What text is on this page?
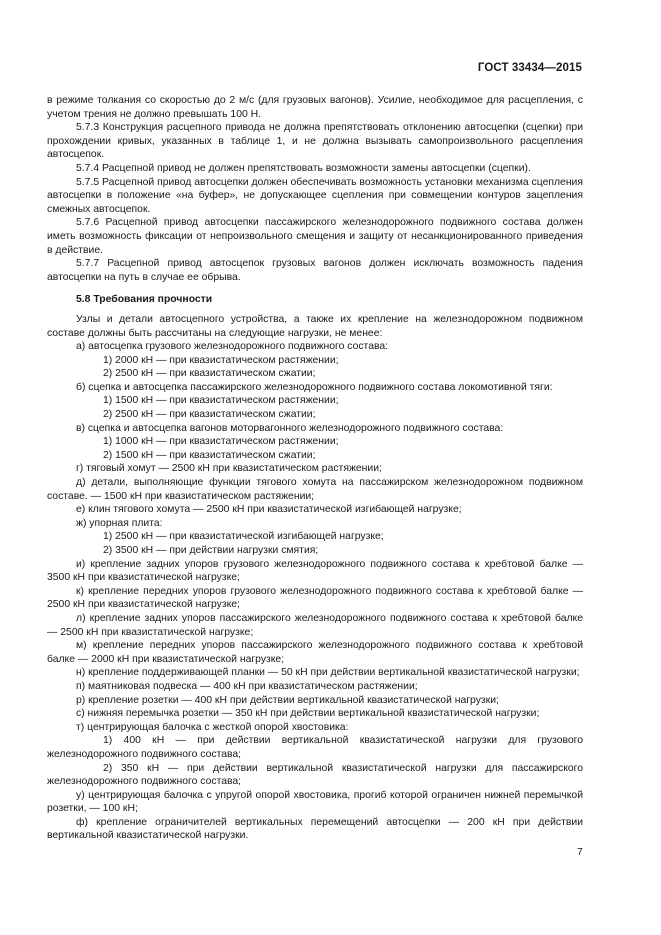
ГОСТ 33434—2015

в режиме толкания со скоростью до 2 м/с (для грузовых вагонов). Усилие, необходимое для расцепления, с учетом трения не должно превышать 100 Н.

5.7.3 Конструкция расцепного привода не должна препятствовать отклонению автосцепки (сцепки) при прохождении кривых, указанных в таблице 1, и не должна вызывать самопроизвольного расцепления автосцепок.

5.7.4 Расцепной привод не должен препятствовать возможности замены автосцепки (сцепки).

5.7.5 Расцепной привод автосцепки должен обеспечивать возможность установки механизма сцепления автосцепки в положение «на буфер», не допускающее сцепления при совмещении контуров зацепления смежных автосцепок.

5.7.6 Расцепной привод автосцепки пассажирского железнодорожного подвижного состава должен иметь возможность фиксации от непроизвольного смещения и защиту от несанкционированного приведения в действие.

5.7.7 Расцепной привод автосцепок грузовых вагонов должен исключать возможность падения автосцепки на путь в случае ее обрыва.

5.8 Требования прочности

Узлы и детали автосцепного устройства, а также их крепление на железнодорожном подвижном составе должны быть рассчитаны на следующие нагрузки, не менее:

а) автосцепка грузового железнодорожного подвижного состава:

1) 2000 кН — при квазистатическом растяжении;

2) 2500 кН — при квазистатическом сжатии;

б) сцепка и автосцепка пассажирского железнодорожного подвижного состава локомотивной тяги:

1) 1500 кН — при квазистатическом растяжении;

2) 2500 кН — при квазистатическом сжатии;

в) сцепка и автосцепка вагонов моторвагонного железнодорожного подвижного состава:

1) 1000 кН — при квазистатическом растяжении;

2) 1500 кН — при квазистатическом сжатии;

г) тяговый хомут — 2500 кН при квазистатическом растяжении;

д) детали, выполняющие функции тягового хомута на пассажирском железнодорожном подвижном составе. — 1500 кН при квазистатическом растяжении;

е) клин тягового хомута — 2500 кН при квазистатической изгибающей нагрузке;

ж) упорная плита:

1) 2500 кН — при квазистатической изгибающей нагрузке;

2) 3500 кН — при действии нагрузки смятия;

и) крепление задних упоров грузового железнодорожного подвижного состава к хребтовой балке — 3500 кН при квазистатической нагрузке;

к) крепление передних упоров грузового железнодорожного подвижного состава к хребтовой балке — 2500 кН при квазистатической нагрузке;

л) крепление задних упоров пассажирского железнодорожного подвижного состава к хребтовой балке — 2500 кН при квазистатической нагрузке;

м) крепление передних упоров пассажирского железнодорожного подвижного состава к хребтовой балке — 2000 кН при квазистатической нагрузке;

н) крепление поддерживающей планки — 50 кН при действии вертикальной квазистатической нагрузки;

п) маятниковая подвеска — 400 кН при квазистатическом растяжении;

р) крепление розетки — 400 кН при действии вертикальной квазистатической нагрузки;

с) нижняя перемычка розетки — 350 кН при действии вертикальной квазистатической нагрузки;

т) центрирующая балочка с жесткой опорой хвостовика:

1) 400 кН — при действии вертикальной квазистатической нагрузки для грузового железнодорожного подвижного состава;

2) 350 кН — при действии вертикальной квазистатической нагрузки для пассажирского железнодорожного подвижного состава;

у) центрирующая балочка с упругой опорой хвостовика, прогиб которой ограничен нижней перемычкой розетки, — 100 кН;

ф) крепление ограничителей вертикальных перемещений автосцепки — 200 кН при действии вертикальной квазистатической нагрузки.

7
